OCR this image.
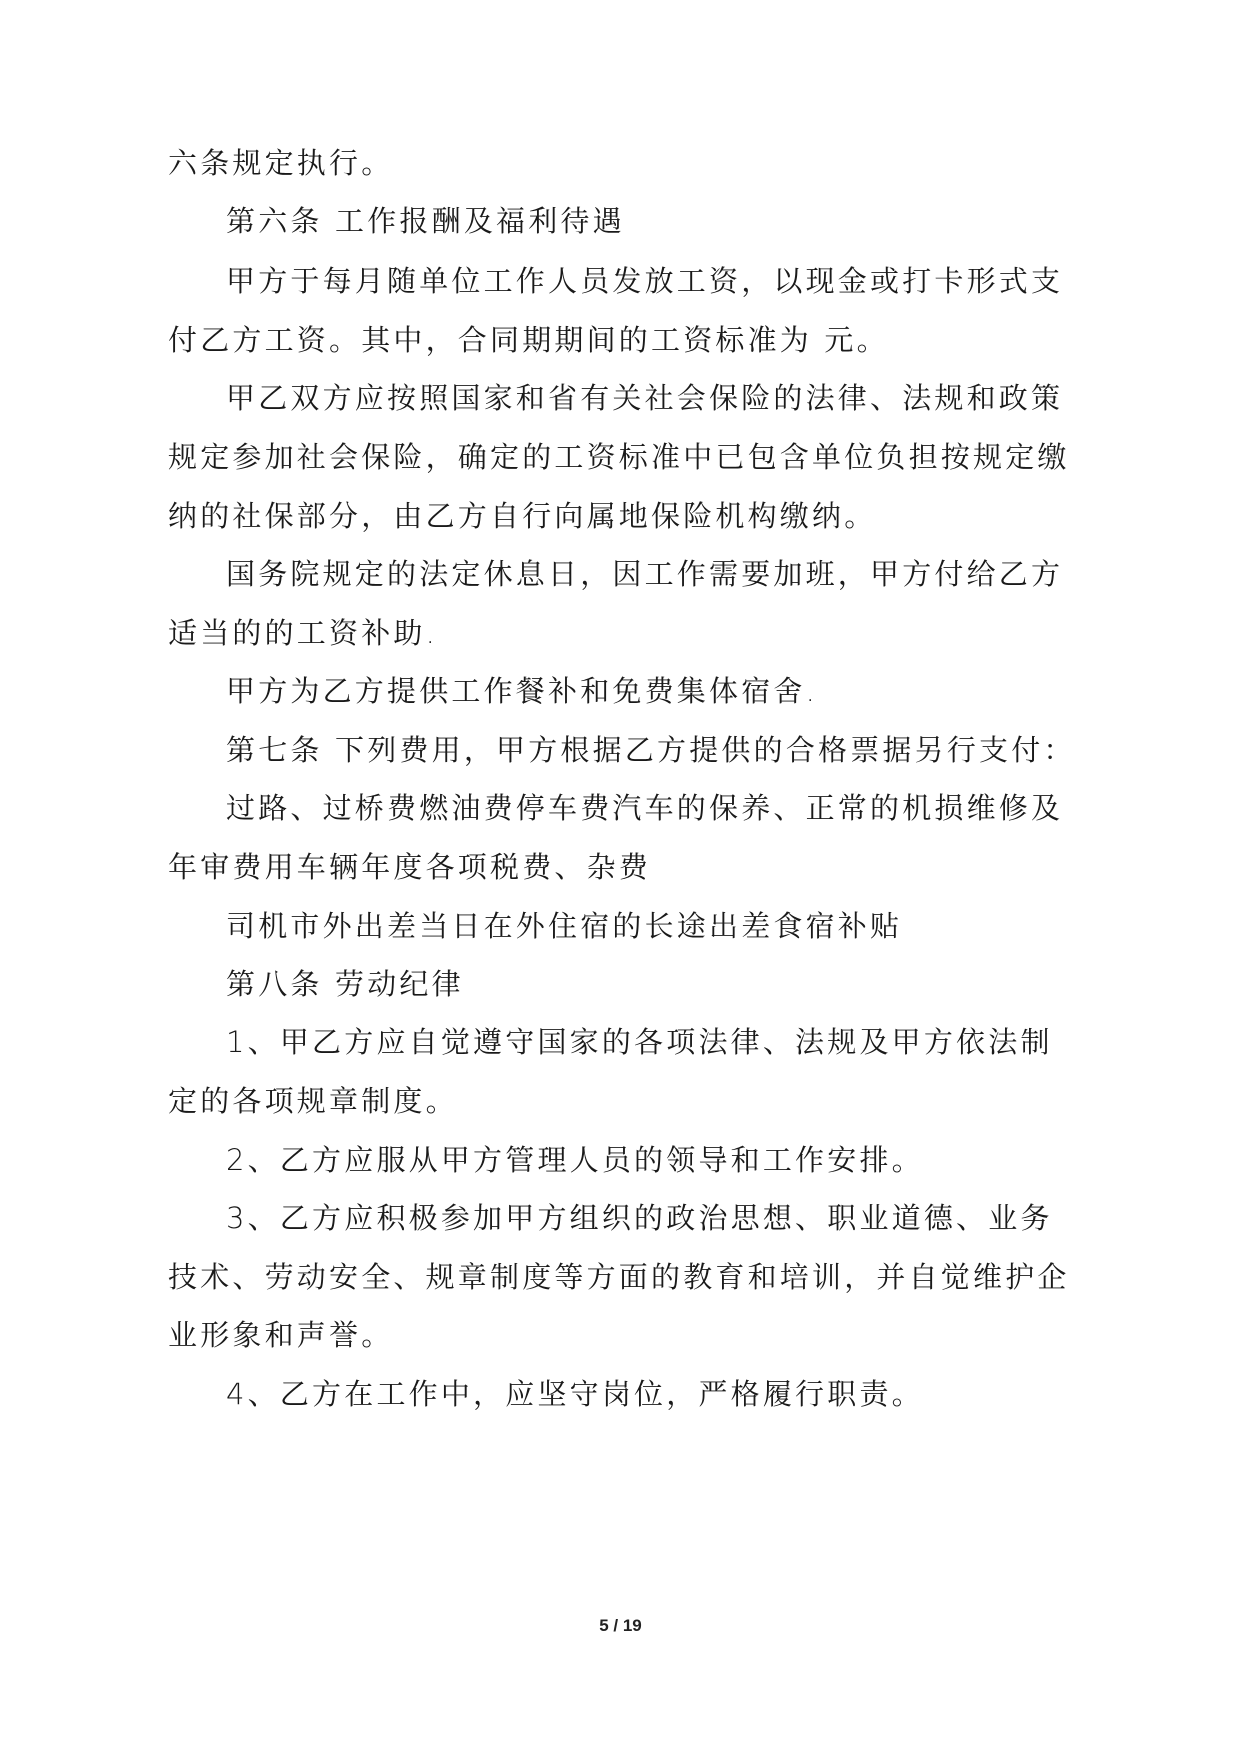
六条规定执行。
第六条 工作报酬及福利待遇
甲方于每月随单位工作人员发放工资，以现金或打卡形式支
付乙方工资。其中，合同期期间的工资标准为 元。
甲乙双方应按照国家和省有关社会保险的法律、法规和政策
规定参加社会保险，确定的工资标准中已包含单位负担按规定缴
纳的社保部分，由乙方自行向属地保险机构缴纳。
国务院规定的法定休息日，因工作需要加班，甲方付给乙方
适当的的工资补助.
甲方为乙方提供工作餐补和免费集体宿舍.
第七条 下列费用，甲方根据乙方提供的合格票据另行支付：
过路、过桥费燃油费停车费汽车的保养、正常的机损维修及
年审费用车辆年度各项税费、杂费
司机市外出差当日在外住宿的长途出差食宿补贴
第八条 劳动纪律
1、甲乙方应自觉遵守国家的各项法律、法规及甲方依法制
定的各项规章制度。
2、乙方应服从甲方管理人员的领导和工作安排。
3、乙方应积极参加甲方组织的政治思想、职业道德、业务
技术、劳动安全、规章制度等方面的教育和培训，并自觉维护企
业形象和声誉。
4、乙方在工作中，应坚守岗位，严格履行职责。
5 / 19
